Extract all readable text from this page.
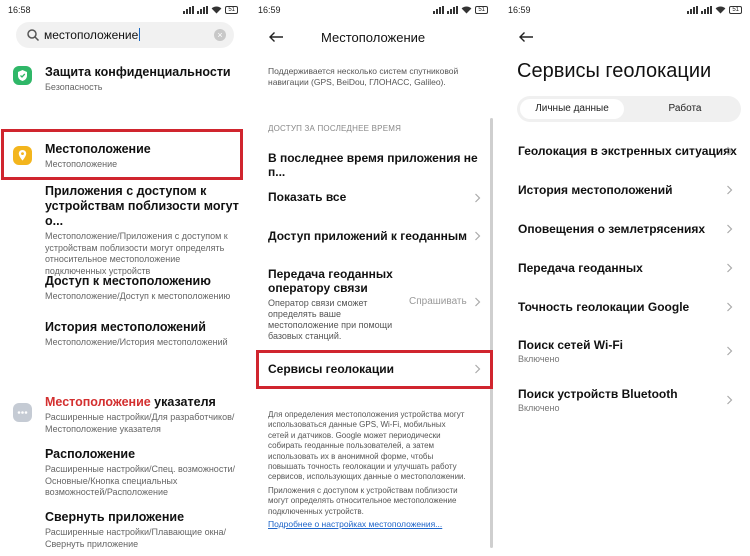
16:58	51
местоположение	×
Защита конфиденциальности
Безопасность
Местоположение
Местоположение
Приложения с доступом к устройствам поблизости могут о...
Местоположение/Приложения с доступом к устройствам поблизости могут определять относительное местоположение подключенных устройств
Доступ к местоположению
Местоположение/Доступ к местоположению
История местоположений
Местоположение/История местоположений
Местоположение указателя
Расширенные настройки/Для разработчиков/Местоположение указателя
Расположение
Расширенные настройки/Спец. возможности/Основные/Кнопка специальных возможностей/Расположение
Свернуть приложение
Расширенные настройки/Плавающие окна/Свернуть приложение
16:59	51
Местоположение
Поддерживается несколько систем спутниковой навигации (GPS, BeiDou, ГЛОНАСС, Galileo).
ДОСТУП ЗА ПОСЛЕДНЕЕ ВРЕМЯ
В последнее время приложения не п...
Показать все
Доступ приложений к геоданным
Передача геоданных оператору связи
Оператор связи сможет определять ваше местоположение при помощи базовых станций.
Спрашивать
Сервисы геолокации
Для определения местоположения устройства могут использоваться данные GPS, Wi-Fi, мобильных сетей и датчиков. Google может периодически собирать геоданные пользователей, а затем использовать их в анонимной форме, чтобы повышать точность геолокации и улучшать работу сервисов, использующих данные о местоположении.
Приложения с доступом к устройствам поблизости могут определять относительное местоположение подключенных устройств.
Подробнее о настройках местоположения...
16:59	51
Сервисы геолокации
Личные данные	Работа
Геолокация в экстренных ситуациях
История местоположений
Оповещения о землетрясениях
Передача геоданных
Точность геолокации Google
Поиск сетей Wi-Fi
Включено
Поиск устройств Bluetooth
Включено
